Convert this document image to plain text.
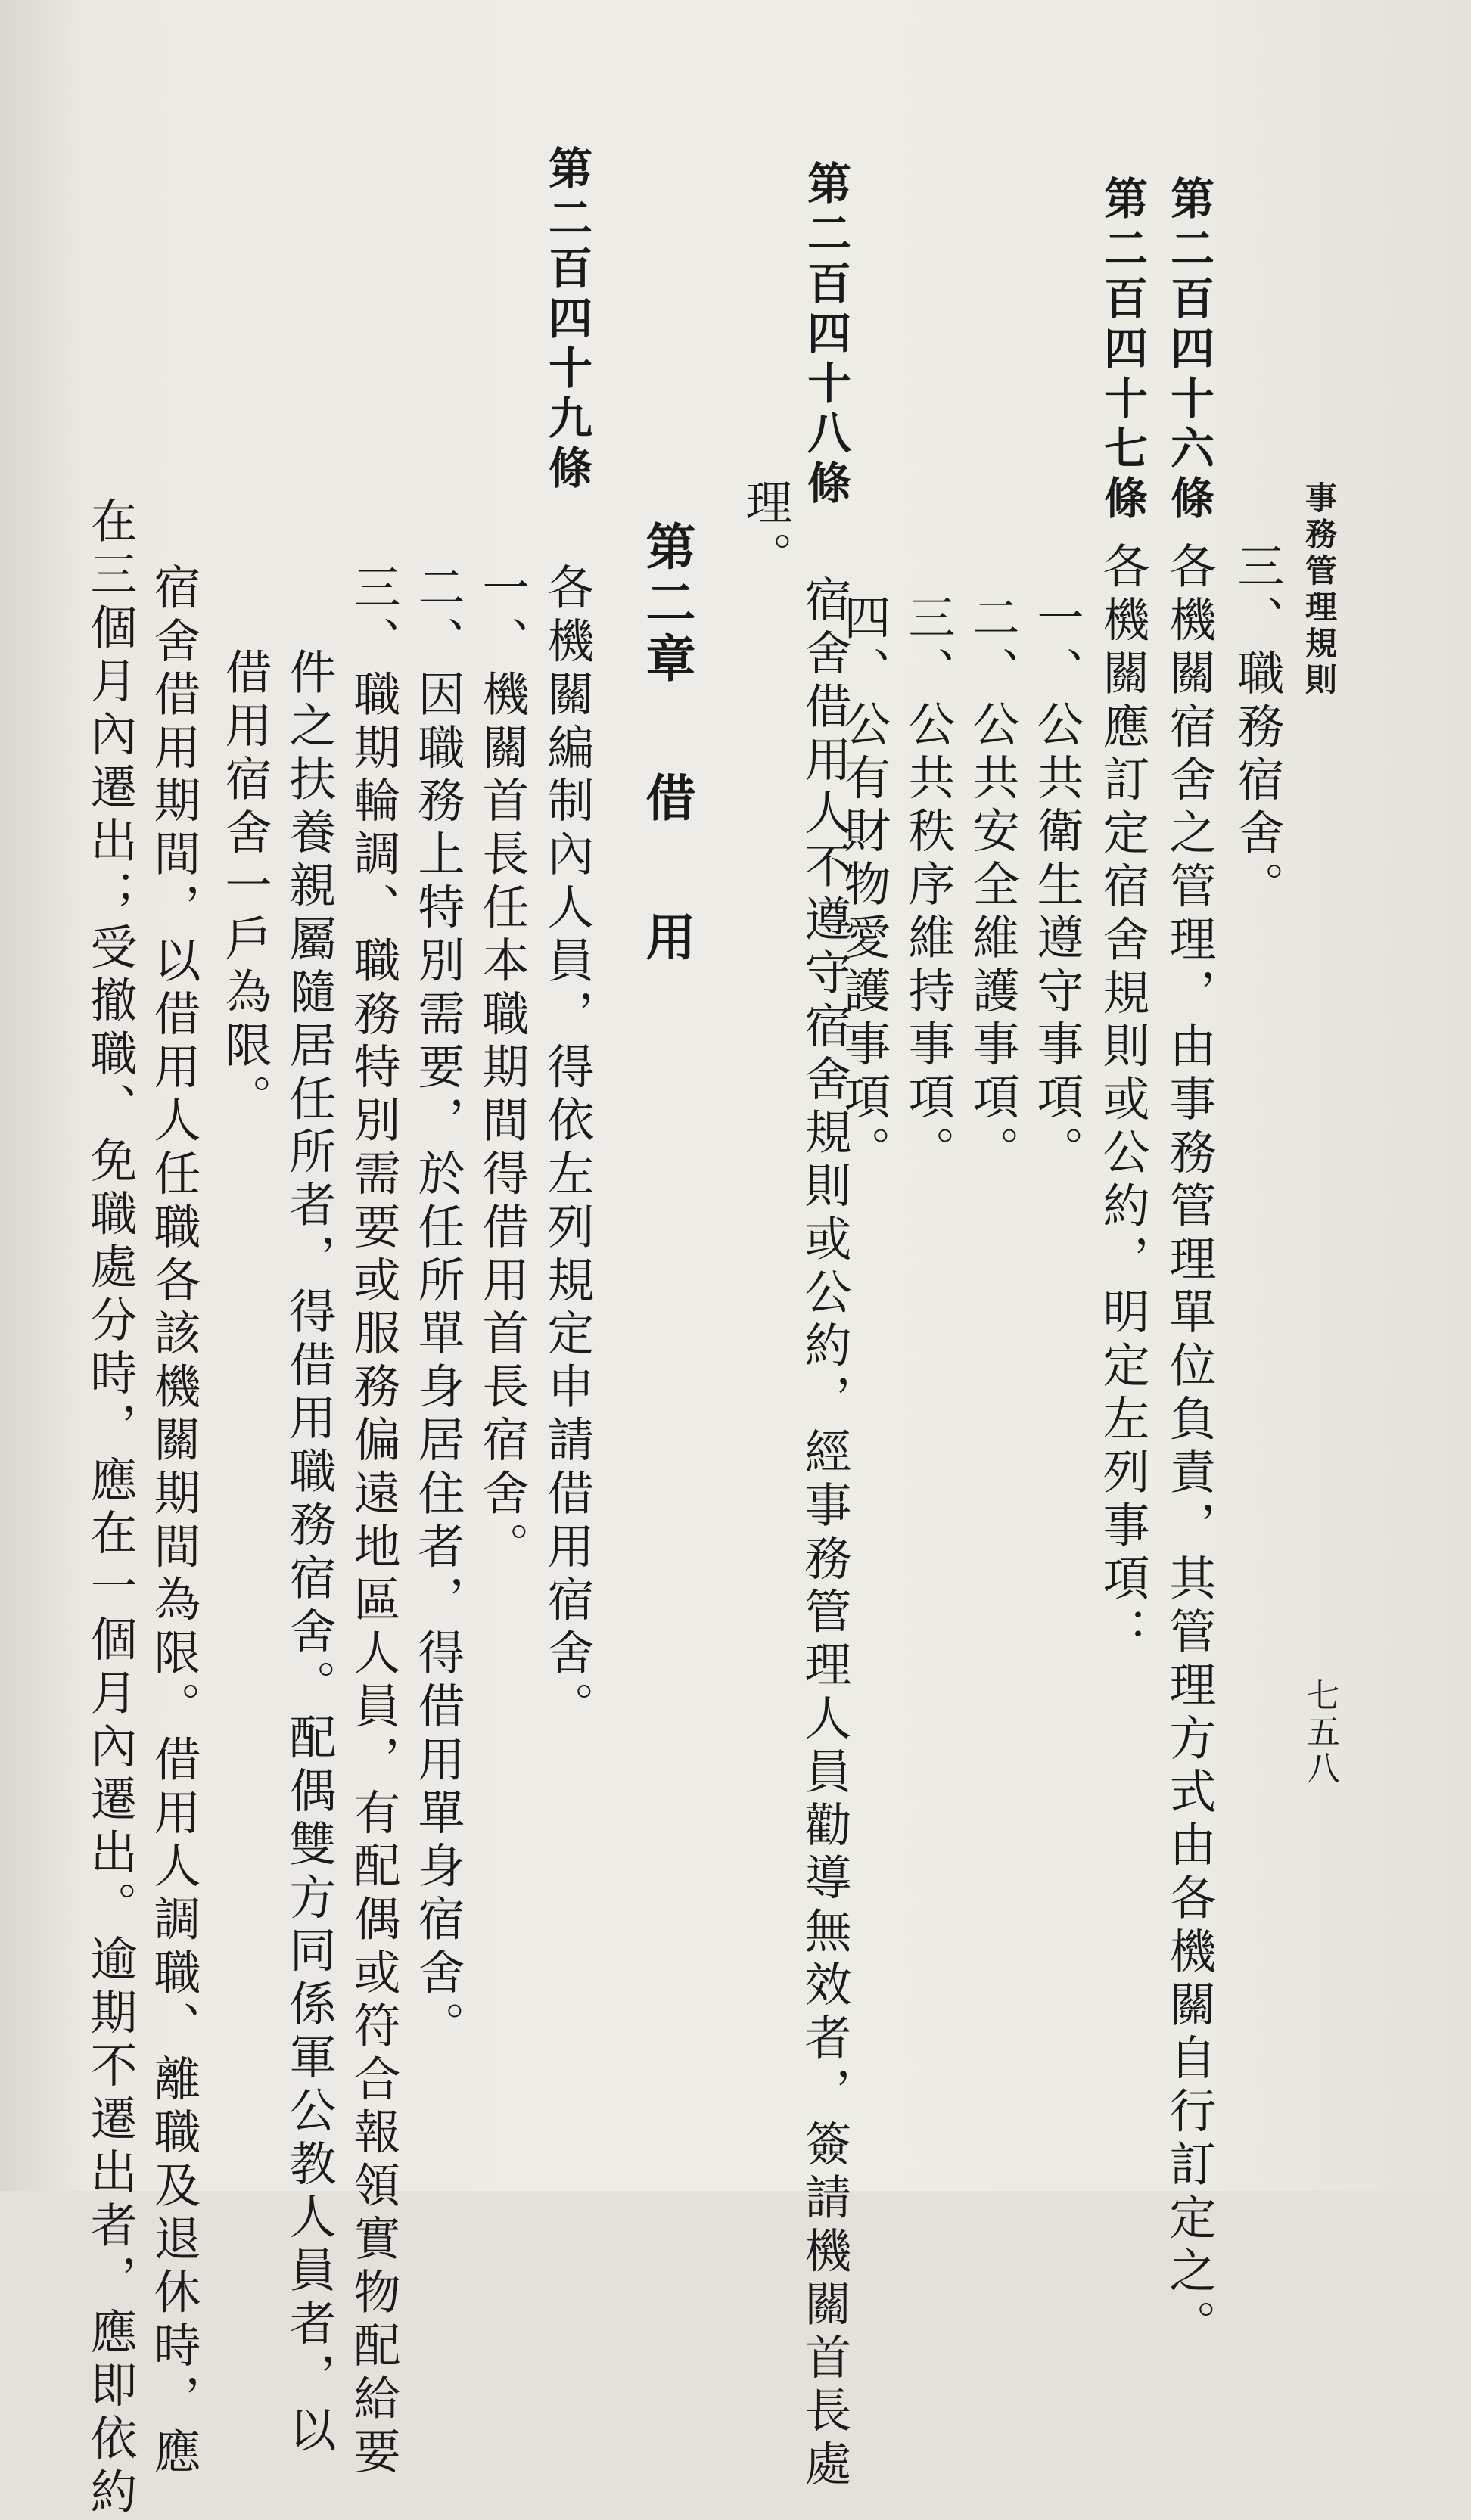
事務管理規則
七五八
三、職務宿舍。
第二百四十六條
各機關宿舍之管理，由事務管理單位負責，其管理方式由各機關自行訂定之。
第二百四十七條
各機關應訂定宿舍規則或公約，明定左列事項：
一、公共衛生遵守事項。
二、公共安全維護事項。
三、公共秩序維持事項。
四、公有財物愛護事項。
第二百四十八條
宿舍借用人不遵守宿舍規則或公約，經事務管理人員勸導無效者，簽請機關首長處
理。
第二章借用
第二百四十九條
各機關編制內人員，得依左列規定申請借用宿舍。
一、機關首長任本職期間得借用首長宿舍。
二、因職務上特別需要，於任所單身居住者，得借用單身宿舍。
三、職期輪調、職務特別需要或服務偏遠地區人員，有配偶或符合報領實物配給要
件之扶養親屬隨居任所者，得借用職務宿舍。配偶雙方同係軍公教人員者，以
借用宿舍一戶為限。
宿舍借用期間，以借用人任職各該機關期間為限。借用人調職、離職及退休時，應
在三個月內遷出；受撤職、免職處分時，應在一個月內遷出。逾期不遷出者，應即依約
